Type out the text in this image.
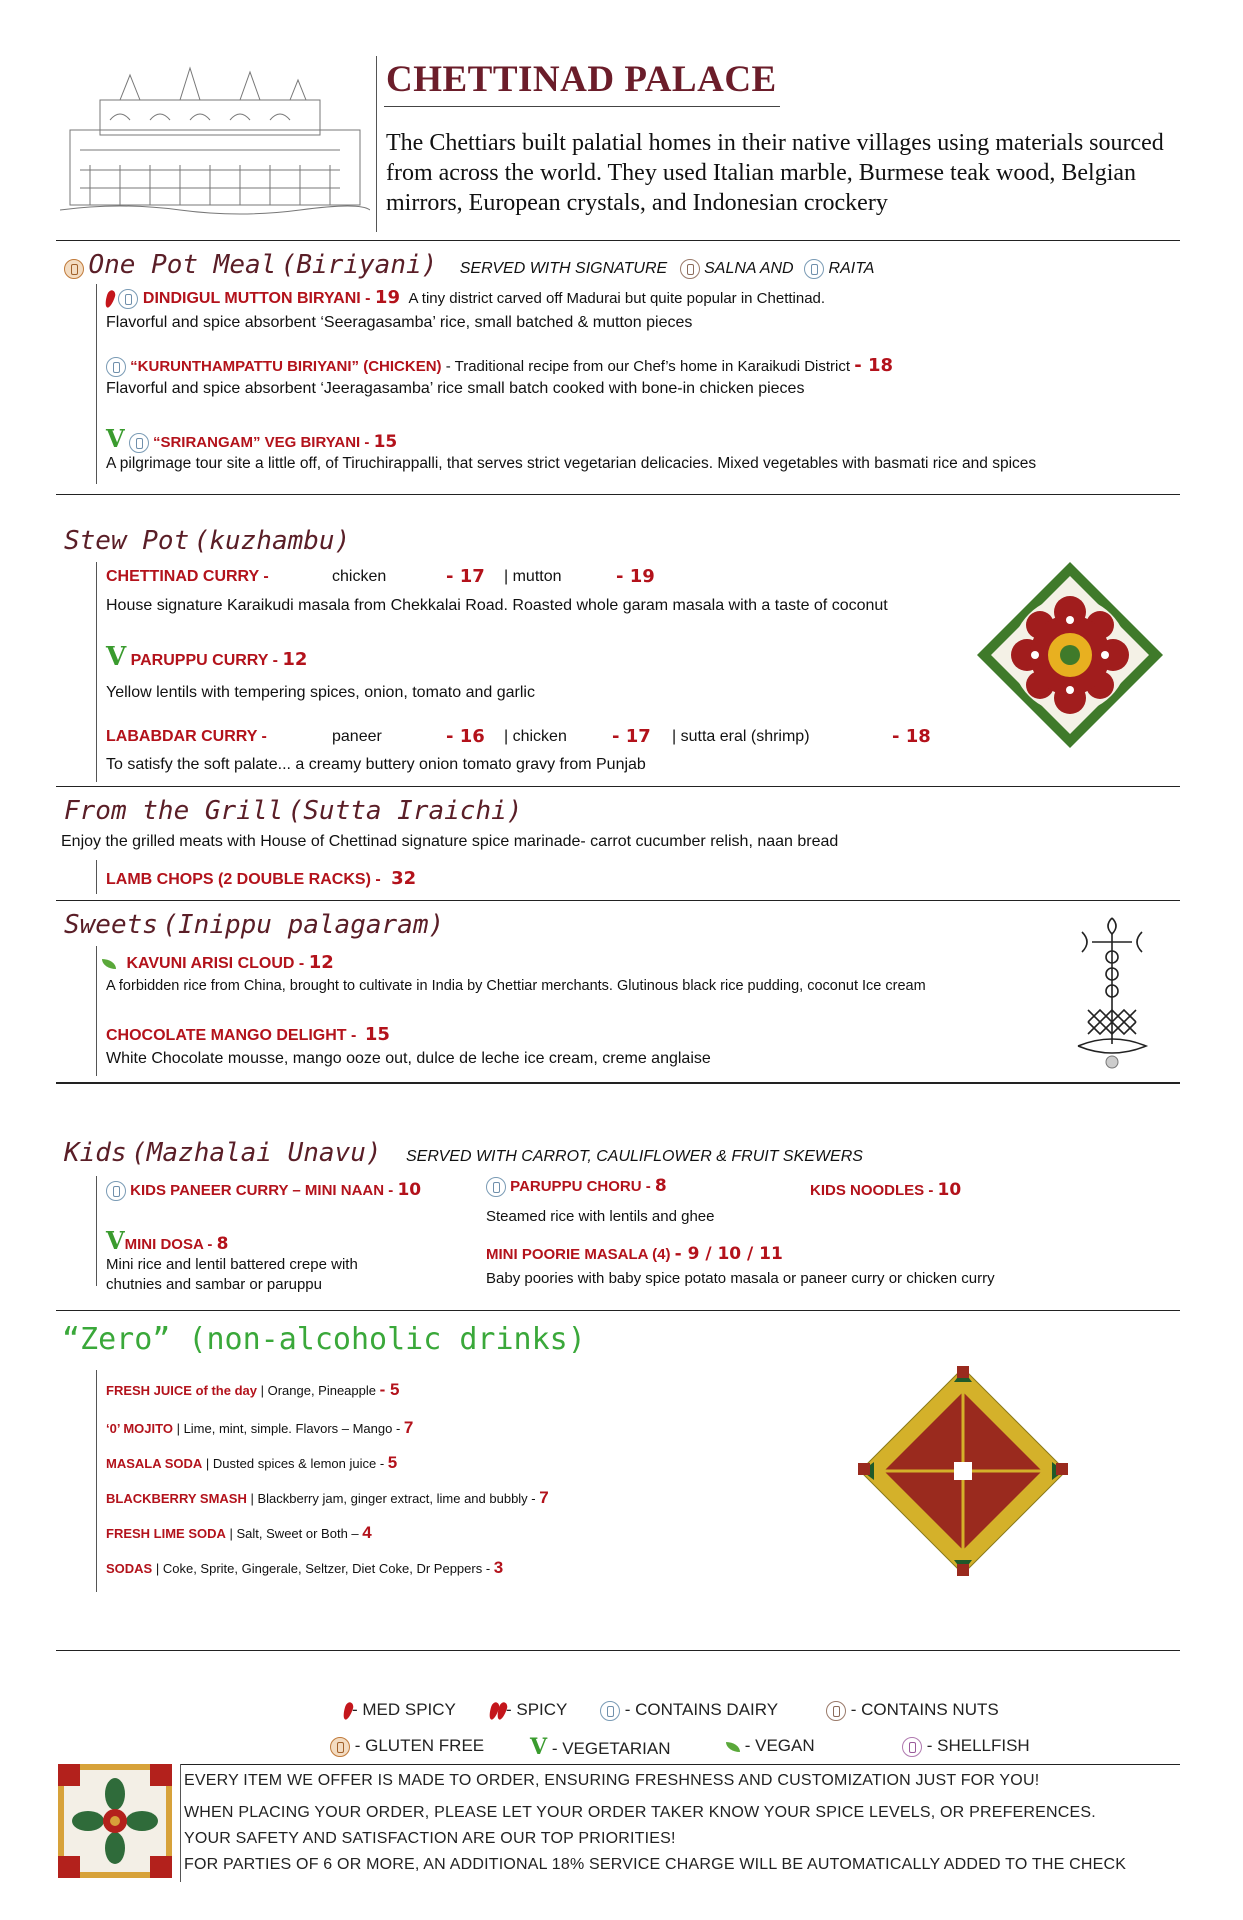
CHETTINAD PALACE
The Chettiars built palatial homes in their native villages using materials sourced from across the world. They used Italian marble, Burmese teak wood, Belgian mirrors, European crystals, and Indonesian crockery
One Pot Meal (Biriyani) SERVED WITH SIGNATURE SALNA AND RAITA
DINDIGUL MUTTON BIRYANI - 19 A tiny district carved off Madurai but quite popular in Chettinad.
Flavorful and spice absorbent ‘Seeragasamba’ rice, small batched & mutton pieces
“KURUNTHAMPATTU BIRIYANI” (CHICKEN) - Traditional recipe from our Chef’s home in Karaikudi District - 18
Flavorful and spice absorbent ‘Jeeragasamba’ rice small batch cooked with bone-in chicken pieces
V “SRIRANGAM” VEG BIRYANI - 15
A pilgrimage tour site a little off, of Tiruchirappalli, that serves strict vegetarian delicacies. Mixed vegetables with basmati rice and spices
Stew Pot (kuzhambu)
CHETTINAD CURRY -	chicken	- 17 | mutton	- 19
House signature Karaikudi masala from Chekkalai Road. Roasted whole garam masala with a taste of coconut
V PARUPPU CURRY - 12
Yellow lentils with tempering spices, onion, tomato and garlic
LABABDAR CURRY -	paneer	- 16 | chicken	- 17 | sutta eral (shrimp)	- 18
To satisfy the soft palate... a creamy buttery onion tomato gravy from Punjab
From the Grill (Sutta Iraichi)
Enjoy the grilled meats with House of Chettinad signature spice marinade- carrot cucumber relish, naan bread
LAMB CHOPS (2 DOUBLE RACKS) - 32
Sweets (Inippu palagaram)
KAVUNI ARISI CLOUD - 12
A forbidden rice from China, brought to cultivate in India by Chettiar merchants. Glutinous black rice pudding, coconut Ice cream
CHOCOLATE MANGO DELIGHT - 15
White Chocolate mousse, mango ooze out, dulce de leche ice cream, creme anglaise
Kids (Mazhalai Unavu) SERVED WITH CARROT, CAULIFLOWER & FRUIT SKEWERS
KIDS PANEER CURRY – MINI NAAN - 10
VMINI DOSA - 8
Mini rice and lentil battered crepe with
chutnies and sambar or paruppu
PARUPPU CHORU - 8
Steamed rice with lentils and ghee
KIDS NOODLES - 10
MINI POORIE MASALA (4) - 9 / 10 / 11
Baby poories with baby spice potato masala or paneer curry or chicken curry
“Zero” (non-alcoholic drinks)
FRESH JUICE of the day | Orange, Pineapple - 5
‘0’ MOJITO | Lime, mint, simple. Flavors – Mango - 7
MASALA SODA | Dusted spices & lemon juice - 5
BLACKBERRY SMASH | Blackberry jam, ginger extract, lime and bubbly - 7
FRESH LIME SODA | Salt, Sweet or Both – 4
SODAS | Coke, Sprite, Gingerale, Seltzer, Diet Coke, Dr Peppers - 3
- MED SPICY	- SPICY	- CONTAINS DAIRY	- CONTAINS NUTS
- GLUTEN FREE V - VEGETARIAN	- VEGAN	- SHELLFISH
EVERY ITEM WE OFFER IS MADE TO ORDER, ENSURING FRESHNESS AND CUSTOMIZATION JUST FOR YOU!
WHEN PLACING YOUR ORDER, PLEASE LET YOUR ORDER TAKER KNOW YOUR SPICE LEVELS, OR PREFERENCES.
YOUR SAFETY AND SATISFACTION ARE OUR TOP PRIORITIES!
FOR PARTIES OF 6 OR MORE, AN ADDITIONAL 18% SERVICE CHARGE WILL BE AUTOMATICALLY ADDED TO THE CHECK
